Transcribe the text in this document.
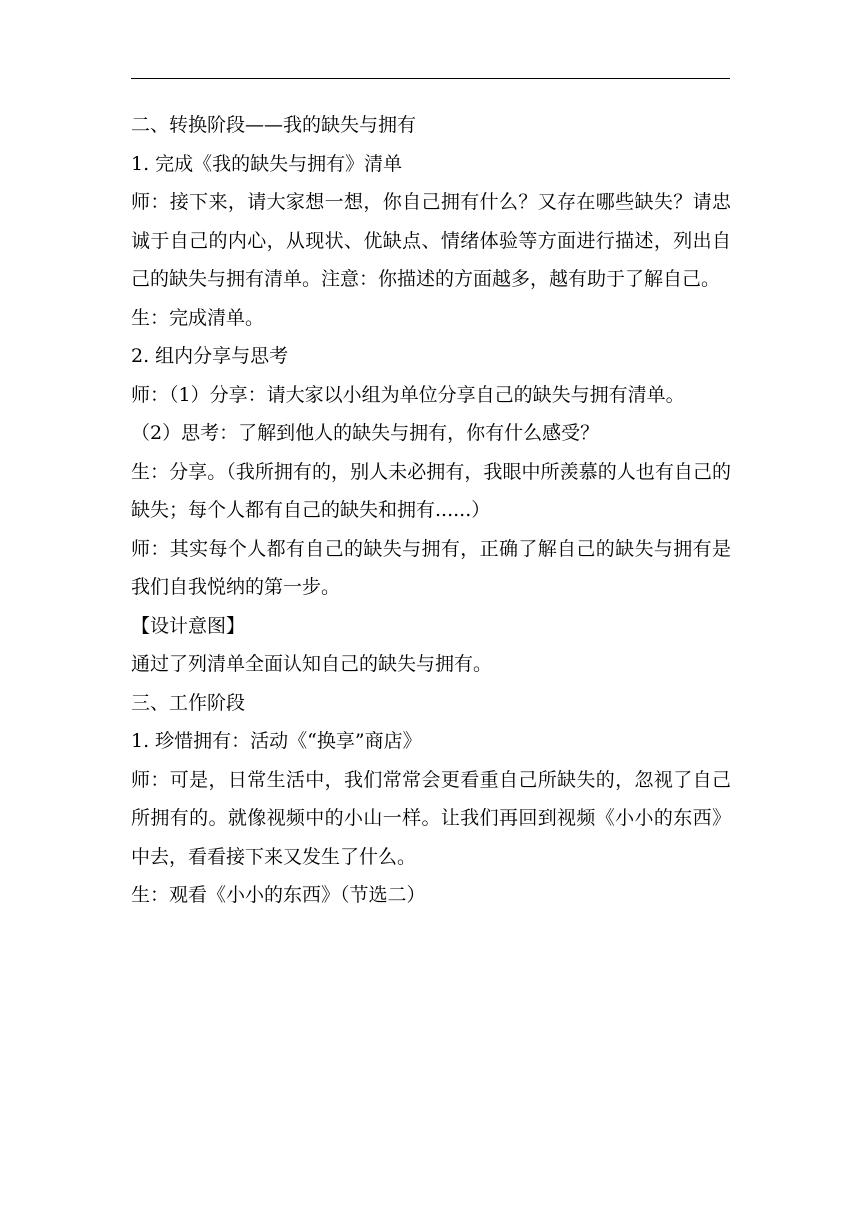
二、转换阶段——我的缺失与拥有

1. 完成《我的缺失与拥有》清单

师：接下来，请大家想一想，你自己拥有什么？又存在哪些缺失？请忠诚于自己的内心，从现状、优缺点、情绪体验等方面进行描述，列出自己的缺失与拥有清单。注意：你描述的方面越多，越有助于了解自己。

生：完成清单。

2. 组内分享与思考

师：（1）分享：请大家以小组为单位分享自己的缺失与拥有清单。

（2）思考：了解到他人的缺失与拥有，你有什么感受？

生：分享。（我所拥有的，别人未必拥有，我眼中所羡慕的人也有自己的缺失；每个人都有自己的缺失和拥有......）

师：其实每个人都有自己的缺失与拥有，正确了解自己的缺失与拥有是我们自我悦纳的第一步。

【设计意图】

通过了列清单全面认知自己的缺失与拥有。

三、工作阶段

1. 珍惜拥有：活动《“换享”商店》

师：可是，日常生活中，我们常常会更看重自己所缺失的，忽视了自己所拥有的。就像视频中的小山一样。让我们再回到视频《小小的东西》中去，看看接下来又发生了什么。

生：观看《小小的东西》（节选二）
